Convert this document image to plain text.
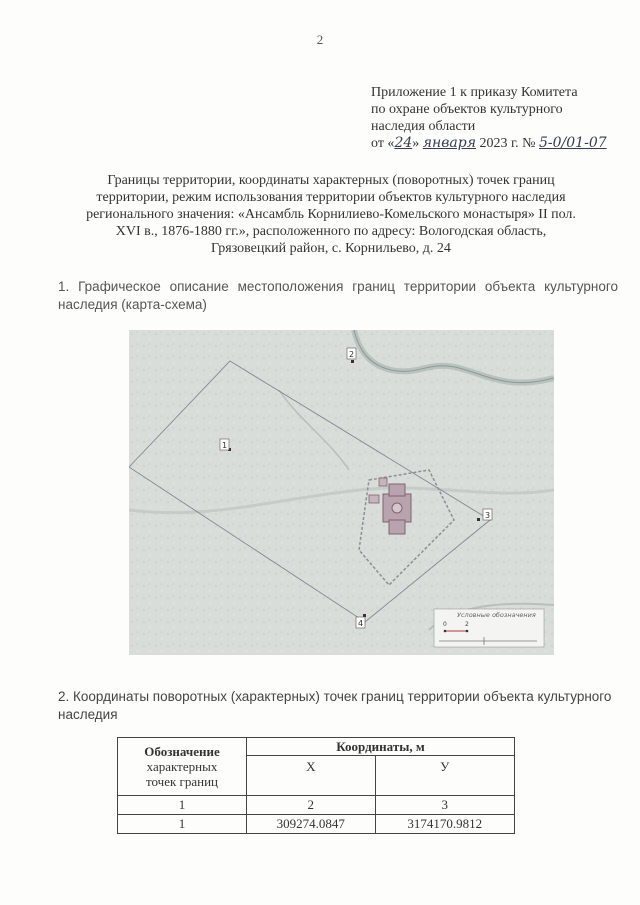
2
Приложение 1 к приказу Комитета
по охране объектов культурного
наследия области
от «24» января 2023 г. № 5-0/01-07
Границы территории, координаты характерных (поворотных) точек границ
территории, режим использования территории объектов культурного наследия
регионального значения: «Ансамбль Корнилиево-Комельского монастыря» II пол.
XVI в., 1876-1880 гг.», расположенного по адресу: Вологодская область,
Грязовецкий район, с. Корнильево, д. 24
1. Графическое описание местоположения границ территории объекта культурного наследия (карта-схема)
1
2
3
4
Условные обозначения
0	2
2. Координаты поворотных (характерных) точек границ территории объекта культурного наследия
Обозначение
характерных
точек границ	Координаты, м	
	X	У
1	2	3
1	309274.0847	3174170.9812
